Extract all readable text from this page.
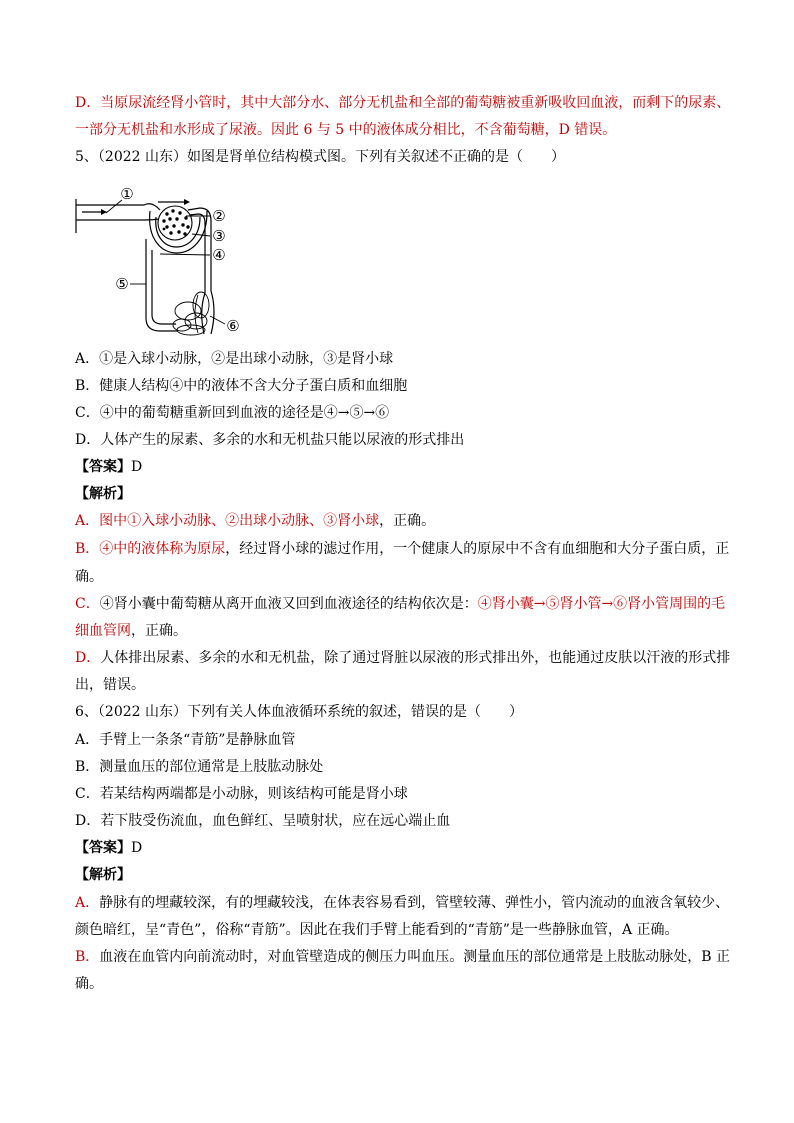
D．当原尿流经肾小管时，其中大部分水、部分无机盐和全部的葡萄糖被重新吸收回血液，而剩下的尿素、
一部分无机盐和水形成了尿液。因此 6 与 5 中的液体成分相比，不含葡萄糖，D 错误。
5、（2022 山东）如图是肾单位结构模式图。下列有关叙述不正确的是（　　）
①
②
③
④
⑤
⑥
A．①是入球小动脉，②是出球小动脉，③是肾小球
B．健康人结构④中的液体不含大分子蛋白质和血细胞
C．④中的葡萄糖重新回到血液的途径是④→⑤→⑥
D．人体产生的尿素、多余的水和无机盐只能以尿液的形式排出
【答案】D
【解析】
A．图中①入球小动脉、②出球小动脉、③肾小球，正确。
B．④中的液体称为原尿，经过肾小球的滤过作用，一个健康人的原尿中不含有血细胞和大分子蛋白质，正
确。
C．④肾小囊中葡萄糖从离开血液又回到血液途径的结构依次是：④肾小囊→⑤肾小管→⑥肾小管周围的毛
细血管网，正确。
D．人体排出尿素、多余的水和无机盐，除了通过肾脏以尿液的形式排出外，也能通过皮肤以汗液的形式排
出，错误。
6、（2022 山东）下列有关人体血液循环系统的叙述，错误的是（　　）
A．手臂上一条条“青筋”是静脉血管
B．测量血压的部位通常是上肢肱动脉处
C．若某结构两端都是小动脉，则该结构可能是肾小球
D．若下肢受伤流血，血色鲜红、呈喷射状，应在远心端止血
【答案】D
【解析】
A．静脉有的埋藏较深，有的埋藏较浅，在体表容易看到，管壁较薄、弹性小，管内流动的血液含氧较少、
颜色暗红，呈“青色”，俗称“青筋”。因此在我们手臂上能看到的“青筋”是一些静脉血管，A 正确。
B．血液在血管内向前流动时，对血管壁造成的侧压力叫血压。测量血压的部位通常是上肢肱动脉处，B 正
确。
